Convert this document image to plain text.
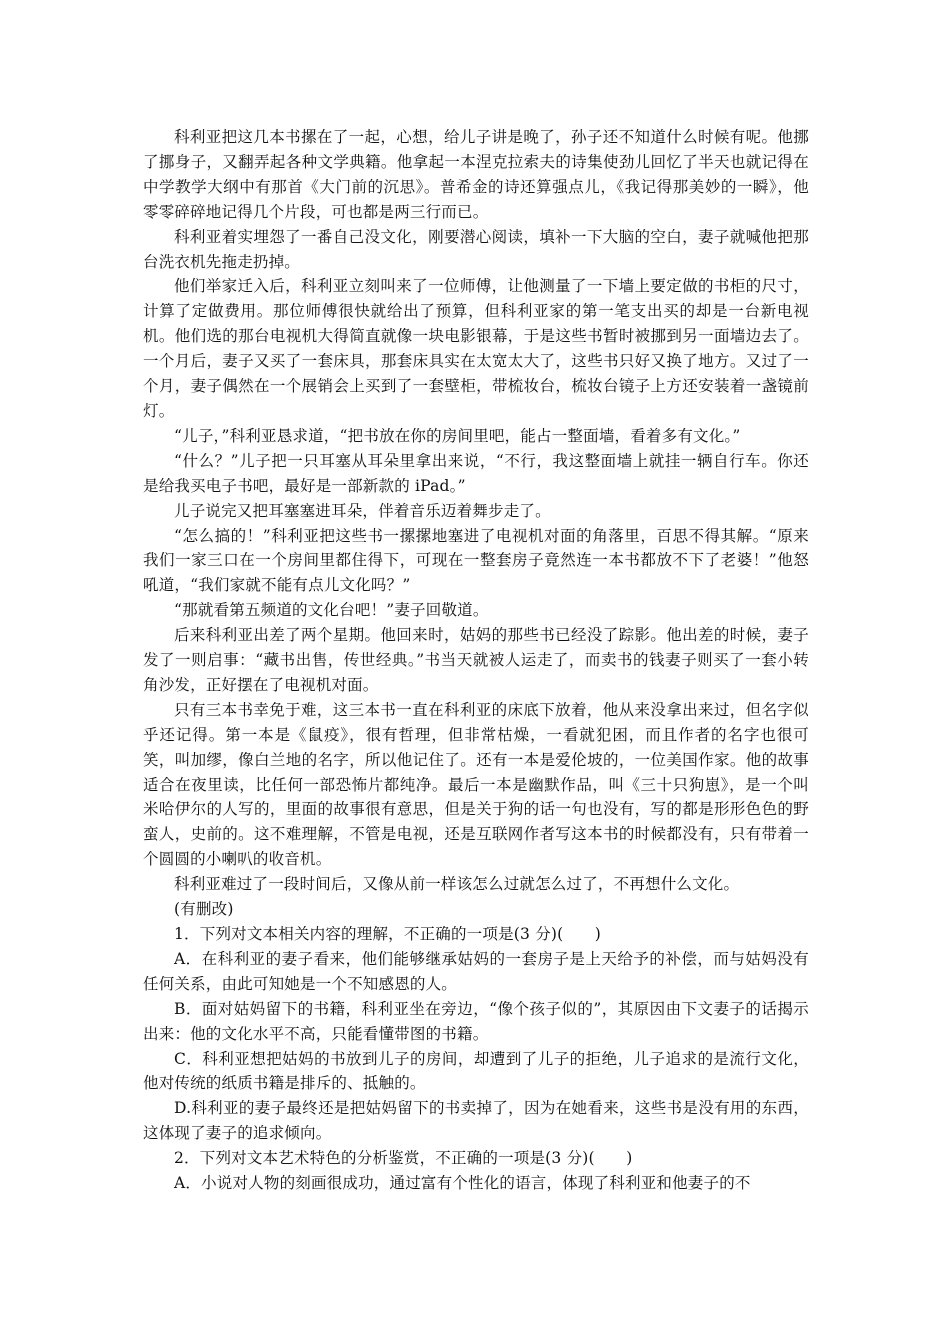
科利亚把这几本书摞在了一起，心想，给儿子讲是晚了，孙子还不知道什么时候有呢。他挪了挪身子，又翻弄起各种文学典籍。他拿起一本涅克拉索夫的诗集使劲儿回忆了半天也就记得在中学教学大纲中有那首《大门前的沉思》。普希金的诗还算强点儿，《我记得那美妙的一瞬》，他零零碎碎地记得几个片段，可也都是两三行而已。

科利亚着实埋怨了一番自己没文化，刚要潜心阅读，填补一下大脑的空白，妻子就喊他把那台洗衣机先拖走扔掉。

他们举家迁入后，科利亚立刻叫来了一位师傅，让他测量了一下墙上要定做的书柜的尺寸，计算了定做费用。那位师傅很快就给出了预算，但科利亚家的第一笔支出买的却是一台新电视机。他们选的那台电视机大得简直就像一块电影银幕，于是这些书暂时被挪到另一面墙边去了。一个月后，妻子又买了一套床具，那套床具实在太宽太大了，这些书只好又换了地方。又过了一个月，妻子偶然在一个展销会上买到了一套壁柜，带梳妆台，梳妆台镜子上方还安装着一盏镜前灯。

“儿子，”科利亚恳求道，“把书放在你的房间里吧，能占一整面墙，看着多有文化。”

“什么？”儿子把一只耳塞从耳朵里拿出来说，“不行，我这整面墙上就挂一辆自行车。你还是给我买电子书吧，最好是一部新款的 iPad。”

儿子说完又把耳塞塞进耳朵，伴着音乐迈着舞步走了。

“怎么搞的！”科利亚把这些书一摞摞地塞进了电视机对面的角落里，百思不得其解。“原来我们一家三口在一个房间里都住得下，可现在一整套房子竟然连一本书都放不下了老婆！”他怒吼道，“我们家就不能有点儿文化吗？”

“那就看第五频道的文化台吧！”妻子回敬道。

后来科利亚出差了两个星期。他回来时，姑妈的那些书已经没了踪影。他出差的时候，妻子发了一则启事：“藏书出售，传世经典。”书当天就被人运走了，而卖书的钱妻子则买了一套小转角沙发，正好摆在了电视机对面。

只有三本书幸免于难，这三本书一直在科利亚的床底下放着，他从来没拿出来过，但名字似乎还记得。第一本是《鼠疫》，很有哲理，但非常枯燥，一看就犯困，而且作者的名字也很可笑，叫加缪，像白兰地的名字，所以他记住了。还有一本是爱伦坡的，一位美国作家。他的故事适合在夜里读，比任何一部恐怖片都纯净。最后一本是幽默作品，叫《三十只狗崽》，是一个叫米哈伊尔的人写的，里面的故事很有意思，但是关于狗的话一句也没有，写的都是形形色色的野蛮人，史前的。这不难理解，不管是电视，还是互联网作者写这本书的时候都没有，只有带着一个圆圆的小喇叭的收音机。

科利亚难过了一段时间后，又像从前一样该怎么过就怎么过了，不再想什么文化。

(有删改)

1．下列对文本相关内容的理解，不正确的一项是(3 分)(　　)

A．在科利亚的妻子看来，他们能够继承姑妈的一套房子是上天给予的补偿，而与姑妈没有任何关系，由此可知她是一个不知感恩的人。

B．面对姑妈留下的书籍，科利亚坐在旁边，“像个孩子似的”，其原因由下文妻子的话揭示出来：他的文化水平不高，只能看懂带图的书籍。

C．科利亚想把姑妈的书放到儿子的房间，却遭到了儿子的拒绝，儿子追求的是流行文化，他对传统的纸质书籍是排斥的、抵触的。

D.科利亚的妻子最终还是把姑妈留下的书卖掉了，因为在她看来，这些书是没有用的东西，这体现了妻子的追求倾向。

2．下列对文本艺术特色的分析鉴赏，不正确的一项是(3 分)(　　)

A．小说对人物的刻画很成功，通过富有个性化的语言，体现了科利亚和他妻子的不
